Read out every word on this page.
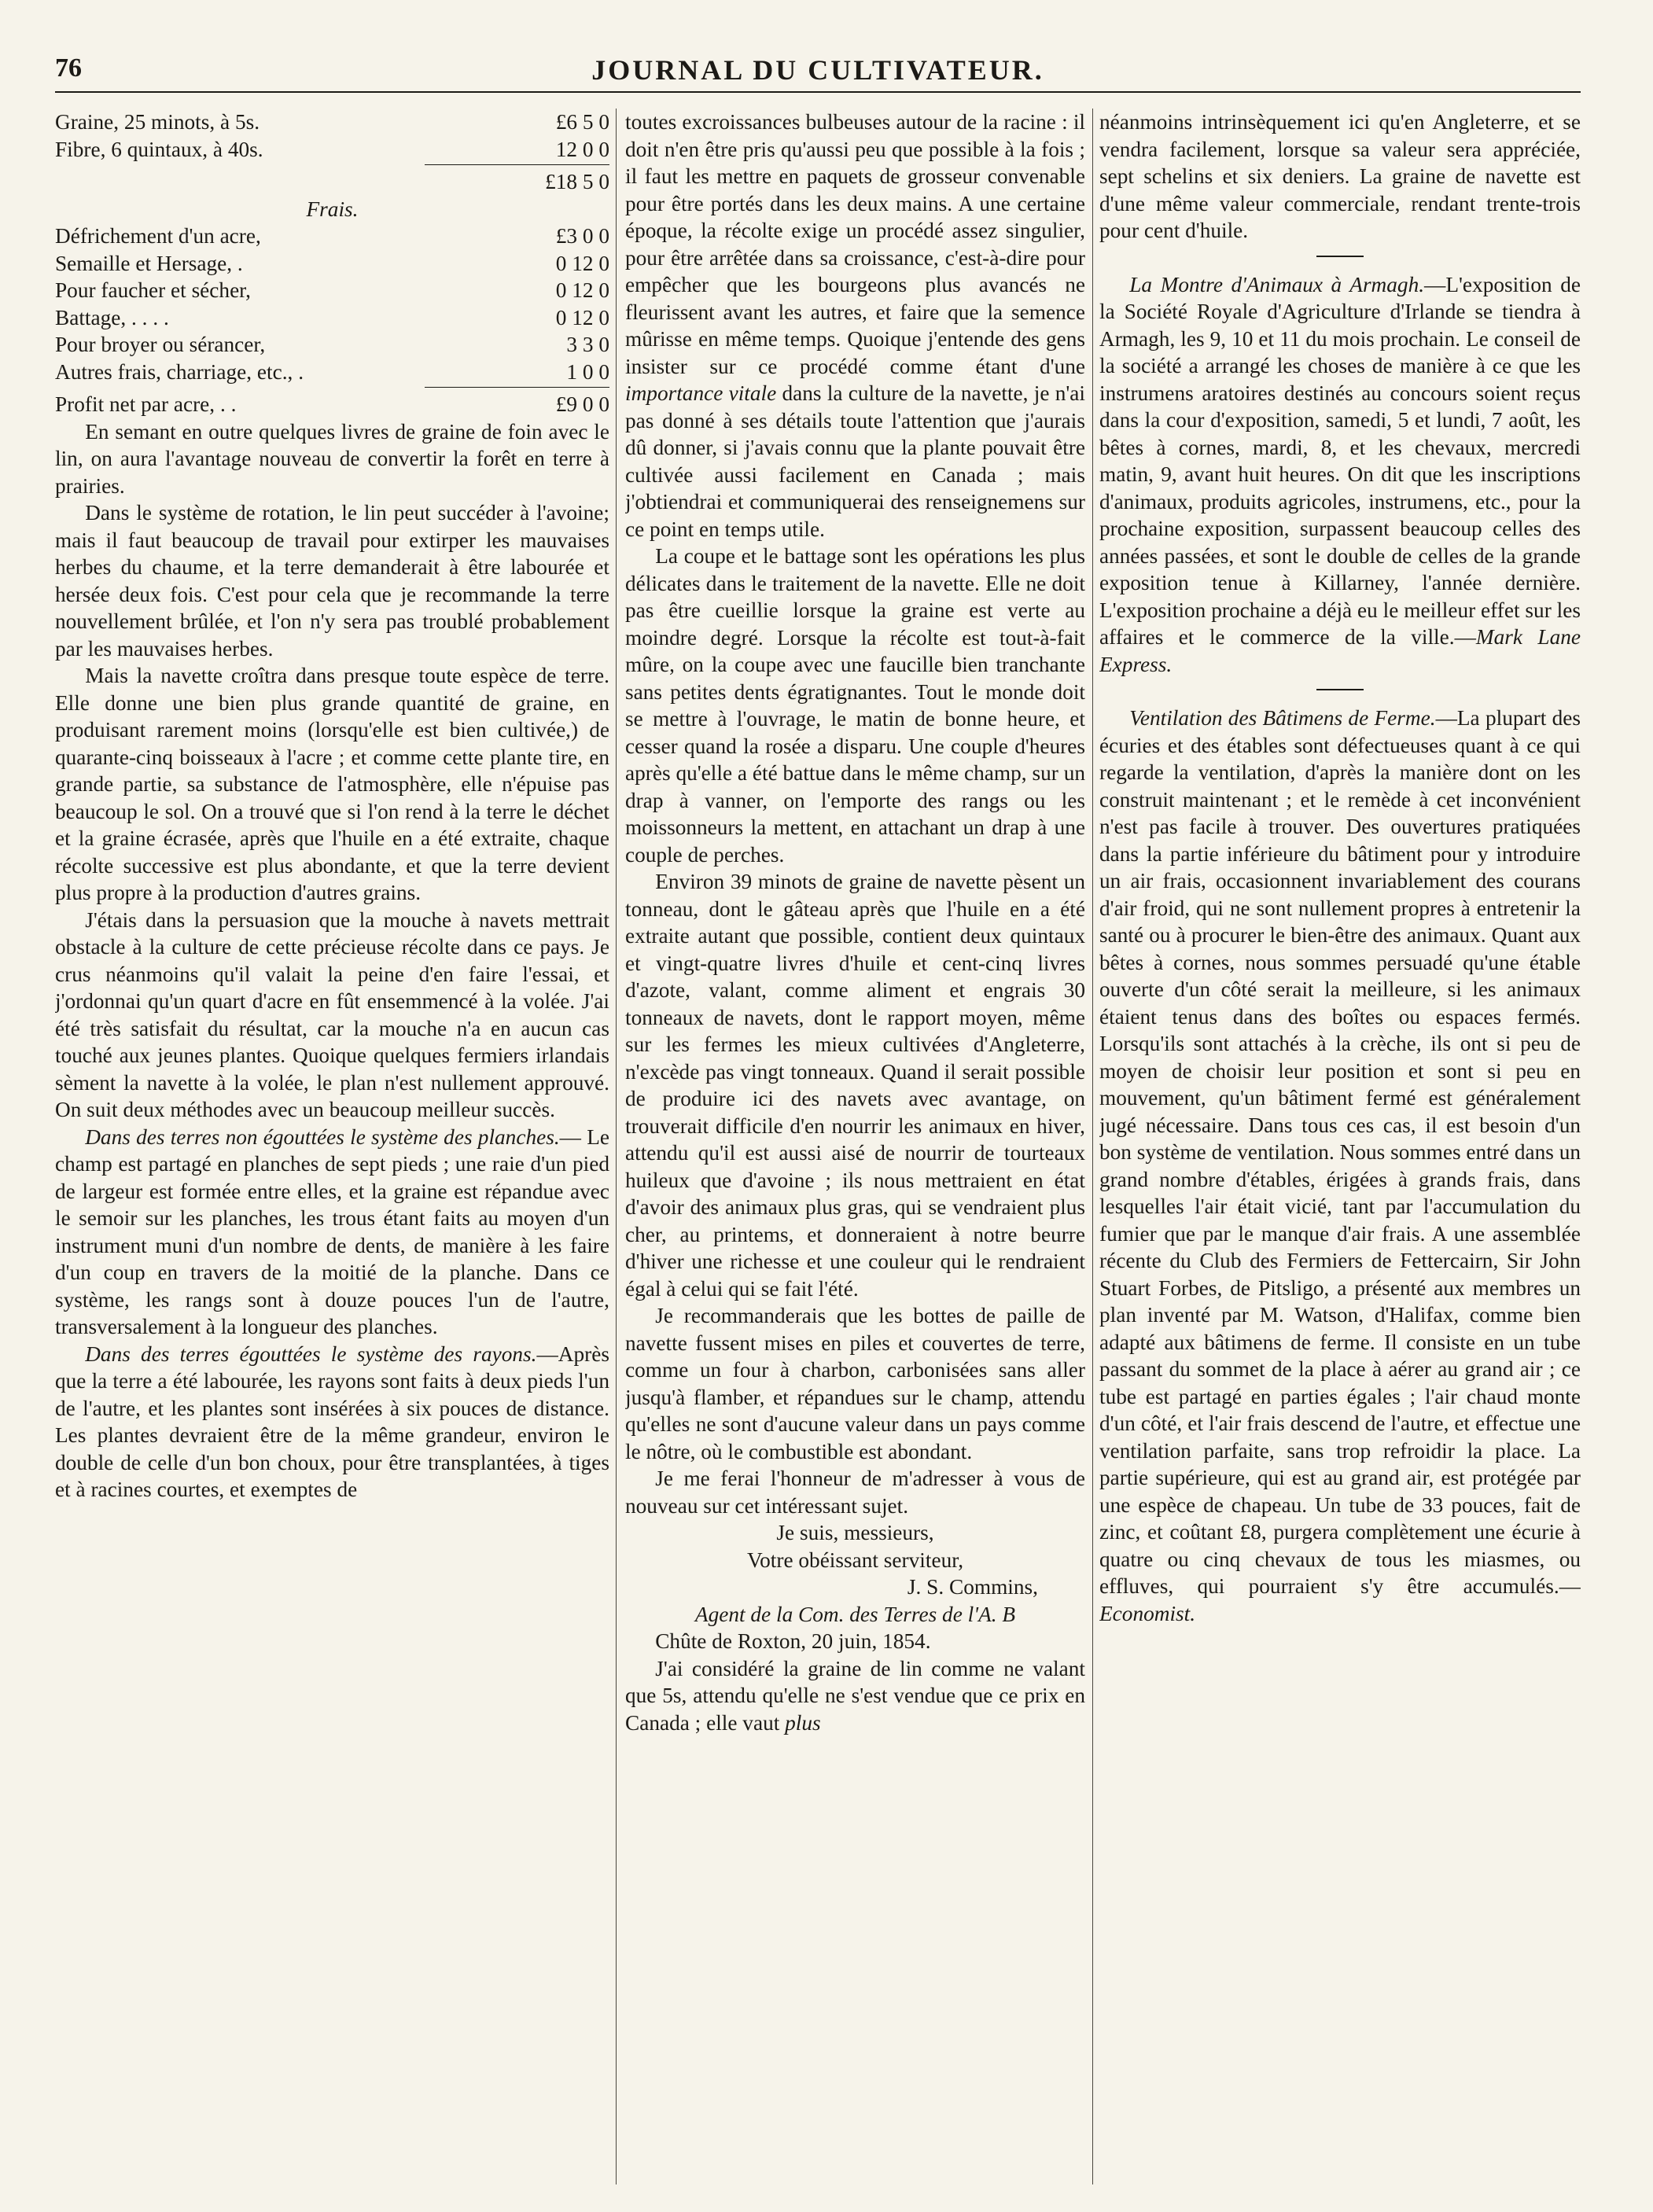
76	JOURNAL DU CULTIVATEUR.
Graine, 25 minots, à 5s.	£6 5 0
Fibre, 6 quintaux, à 40s.	12 0 0
£18 5 0
Frais.
Défrichement d'un acre,	£3 0 0
Semaille et Hersage, .	0 12 0
Pour faucher et sécher,	0 12 0
Battage, . . . .	0 12 0
Pour broyer ou sérancer,	3 3 0
Autres frais, charriage, etc., .	1 0 0
Profit net par acre, . .	£9 0 0

En semant en outre quelques livres de graine de foin avec le lin, on aura l'avantage nouveau de convertir la forêt en terre à prairies.

Dans le système de rotation, le lin peut succéder à l'avoine; mais il faut beaucoup de travail pour extirper les mauvaises herbes du chaume, et la terre demanderait à être labourée et hersée deux fois. C'est pour cela que je recommande la terre nouvellement brûlée, et l'on n'y sera pas troublé probablement par les mauvaises herbes.

Mais la navette croîtra dans presque toute espèce de terre. Elle donne une bien plus grande quantité de graine, en produisant rarement moins (lorsqu'elle est bien cultivée,) de quarante-cinq boisseaux à l'acre ; et comme cette plante tire, en grande partie, sa substance de l'atmosphère, elle n'épuise pas beaucoup le sol. On a trouvé que si l'on rend à la terre le déchet et la graine écrasée, après que l'huile en a été extraite, chaque récolte successive est plus abondante, et que la terre devient plus propre à la production d'autres grains.

J'étais dans la persuasion que la mouche à navets mettrait obstacle à la culture de cette précieuse récolte dans ce pays. Je crus néanmoins qu'il valait la peine d'en faire l'essai, et j'ordonnai qu'un quart d'acre en fût ensemmencé à la volée. J'ai été très satisfait du résultat, car la mouche n'a en aucun cas touché aux jeunes plantes. Quoique quelques fermiers irlandais sèment la navette à la volée, le plan n'est nullement approuvé. On suit deux méthodes avec un beaucoup meilleur succès.

Dans des terres non égouttées le système des planches.— Le champ est partagé en planches de sept pieds ; une raie d'un pied de largeur est formée entre elles, et la graine est répandue avec le semoir sur les planches, les trous étant faits au moyen d'un instrument muni d'un nombre de dents, de manière à les faire d'un coup en travers de la moitié de la planche. Dans ce système, les rangs sont à douze pouces l'un de l'autre, transversalement à la longueur des planches.

Dans des terres égouttées le système des rayons.—Après que la terre a été labourée, les rayons sont faits à deux pieds l'un de l'autre, et les plantes sont insérées à six pouces de distance. Les plantes devraient être de la même grandeur, environ le double de celle d'un bon choux, pour être transplantées, à tiges et à racines courtes, et exemptes de

toutes excroissances bulbeuses autour de la racine : il doit n'en être pris qu'aussi peu que possible à la fois ; il faut les mettre en paquets de grosseur convenable pour être portés dans les deux mains. A une certaine époque, la récolte exige un procédé assez singulier, pour être arrêtée dans sa croissance, c'est-à-dire pour empêcher que les bourgeons plus avancés ne fleurissent avant les autres, et faire que la semence mûrisse en même temps. Quoique j'entende des gens insister sur ce procédé comme étant d'une importance vitale dans la culture de la navette, je n'ai pas donné à ses détails toute l'attention que j'aurais dû donner, si j'avais connu que la plante pouvait être cultivée aussi facilement en Canada ; mais j'obtiendrai et communiquerai des renseignemens sur ce point en temps utile.

La coupe et le battage sont les opérations les plus délicates dans le traitement de la navette. Elle ne doit pas être cueillie lorsque la graine est verte au moindre degré. Lorsque la récolte est tout-à-fait mûre, on la coupe avec une faucille bien tranchante sans petites dents égratignantes. Tout le monde doit se mettre à l'ouvrage, le matin de bonne heure, et cesser quand la rosée a disparu. Une couple d'heures après qu'elle a été battue dans le même champ, sur un drap à vanner, on l'emporte des rangs ou les moissonneurs la mettent, en attachant un drap à une couple de perches.

Environ 39 minots de graine de navette pèsent un tonneau, dont le gâteau après que l'huile en a été extraite autant que possible, contient deux quintaux et vingt-quatre livres d'huile et cent-cinq livres d'azote, valant, comme aliment et engrais 30 tonneaux de navets, dont le rapport moyen, même sur les fermes les mieux cultivées d'Angleterre, n'excède pas vingt tonneaux. Quand il serait possible de produire ici des navets avec avantage, on trouverait difficile d'en nourrir les animaux en hiver, attendu qu'il est aussi aisé de nourrir de tourteaux huileux que d'avoine ; ils nous mettraient en état d'avoir des animaux plus gras, qui se vendraient plus cher, au printems, et donneraient à notre beurre d'hiver une richesse et une couleur qui le rendraient égal à celui qui se fait l'été.

Je recommanderais que les bottes de paille de navette fussent mises en piles et couvertes de terre, comme un four à charbon, carbonisées sans aller jusqu'à flamber, et répandues sur le champ, attendu qu'elles ne sont d'aucune valeur dans un pays comme le nôtre, où le combustible est abondant.

Je me ferai l'honneur de m'adresser à vous de nouveau sur cet intéressant sujet.

Je suis, messieurs,

Votre obéissant serviteur,

J. S. Commins,

Agent de la Com. des Terres de l'A. B

Chûte de Roxton, 20 juin, 1854.

J'ai considéré la graine de lin comme ne valant que 5s, attendu qu'elle ne s'est vendue que ce prix en Canada ; elle vaut plus

néanmoins intrinsèquement ici qu'en Angleterre, et se vendra facilement, lorsque sa valeur sera appréciée, sept schelins et six deniers. La graine de navette est d'une même valeur commerciale, rendant trente-trois pour cent d'huile.

La Montre d'Animaux à Armagh.—L'exposition de la Société Royale d'Agriculture d'Irlande se tiendra à Armagh, les 9, 10 et 11 du mois prochain. Le conseil de la société a arrangé les choses de manière à ce que les instrumens aratoires destinés au concours soient reçus dans la cour d'exposition, samedi, 5 et lundi, 7 août, les bêtes à cornes, mardi, 8, et les chevaux, mercredi matin, 9, avant huit heures. On dit que les inscriptions d'animaux, produits agricoles, instrumens, etc., pour la prochaine exposition, surpassent beaucoup celles des années passées, et sont le double de celles de la grande exposition tenue à Killarney, l'année dernière. L'exposition prochaine a déjà eu le meilleur effet sur les affaires et le commerce de la ville.—Mark Lane Express.

Ventilation des Bâtimens de Ferme.—La plupart des écuries et des étables sont défectueuses quant à ce qui regarde la ventilation, d'après la manière dont on les construit maintenant ; et le remède à cet inconvénient n'est pas facile à trouver. Des ouvertures pratiquées dans la partie inférieure du bâtiment pour y introduire un air frais, occasionnent invariablement des courans d'air froid, qui ne sont nullement propres à entretenir la santé ou à procurer le bien-être des animaux. Quant aux bêtes à cornes, nous sommes persuadé qu'une étable ouverte d'un côté serait la meilleure, si les animaux étaient tenus dans des boîtes ou espaces fermés. Lorsqu'ils sont attachés à la crèche, ils ont si peu de moyen de choisir leur position et sont si peu en mouvement, qu'un bâtiment fermé est généralement jugé nécessaire. Dans tous ces cas, il est besoin d'un bon système de ventilation. Nous sommes entré dans un grand nombre d'étables, érigées à grands frais, dans lesquelles l'air était vicié, tant par l'accumulation du fumier que par le manque d'air frais. A une assemblée récente du Club des Fermiers de Fettercairn, Sir John Stuart Forbes, de Pitsligo, a présenté aux membres un plan inventé par M. Watson, d'Halifax, comme bien adapté aux bâtimens de ferme. Il consiste en un tube passant du sommet de la place à aérer au grand air ; ce tube est partagé en parties égales ; l'air chaud monte d'un côté, et l'air frais descend de l'autre, et effectue une ventilation parfaite, sans trop refroidir la place. La partie supérieure, qui est au grand air, est protégée par une espèce de chapeau. Un tube de 33 pouces, fait de zinc, et coûtant £8, purgera complètement une écurie à quatre ou cinq chevaux de tous les miasmes, ou effluves, qui pourraient s'y être accumulés.—Economist.
